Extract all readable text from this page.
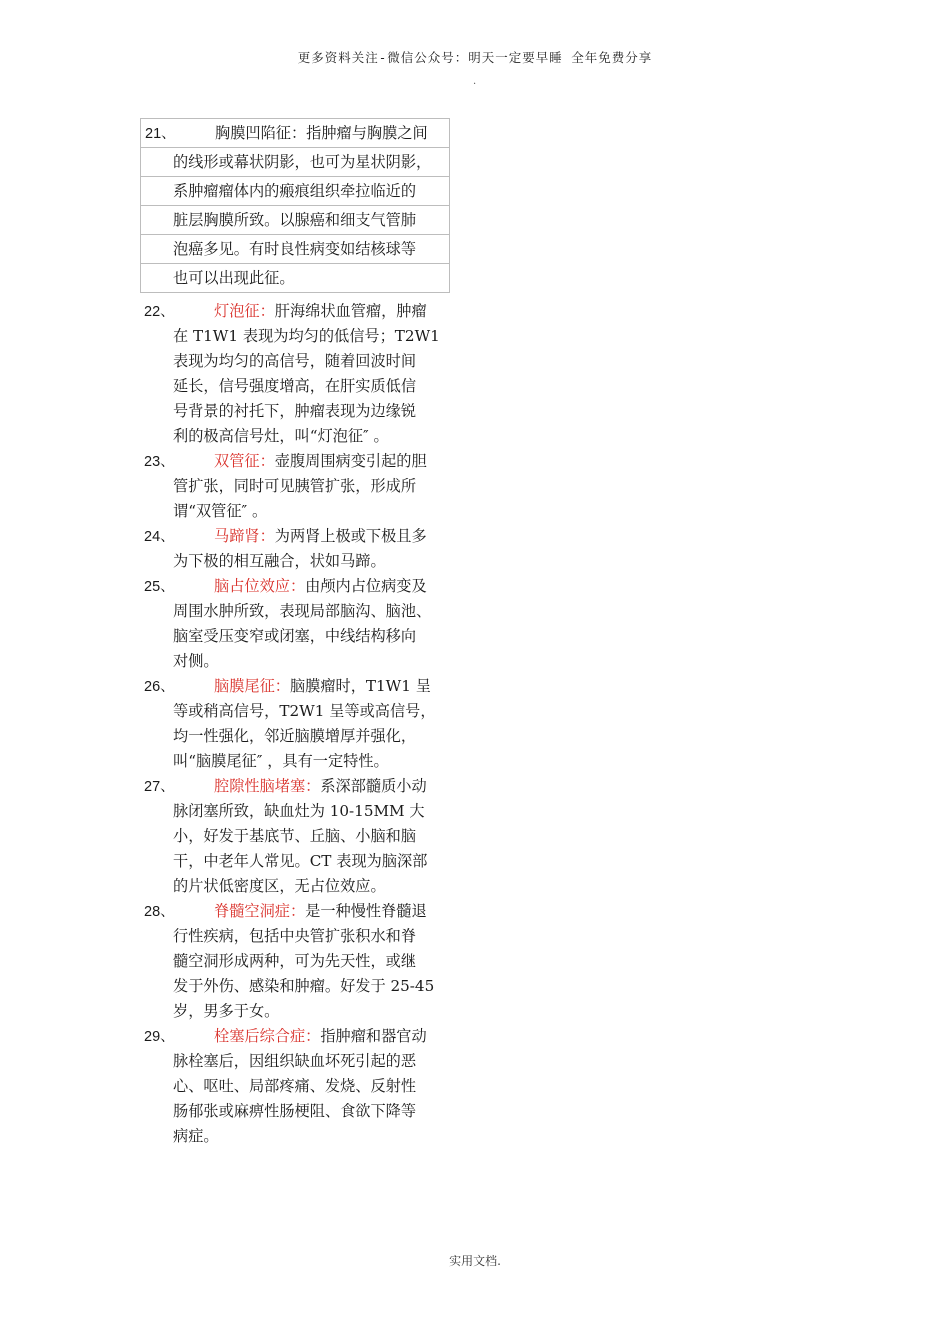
更多资料关注-微信公众号：明天一定要早睡 全年免费分享
.
21、	胸膜凹陷征：指肿瘤与胸膜之间
的线形或幕状阴影，也可为星状阴影，
系肿瘤瘤体内的瘢痕组织牵拉临近的
脏层胸膜所致。以腺癌和细支气管肺
泡癌多见。有时良性病变如结核球等
也可以出现此征。
22、	灯泡征：肝海绵状血管瘤，肿瘤
在 T1W1 表现为均匀的低信号；T2W1
表现为均匀的高信号，随着回波时间
延长，信号强度增高，在肝实质低信
号背景的衬托下，肿瘤表现为边缘锐
利的极高信号灶，叫“灯泡征″ 。
23、	双管征：壶腹周围病变引起的胆
管扩张，同时可见胰管扩张，形成所
谓“双管征″ 。
24、	马蹄肾：为两肾上极或下极且多
为下极的相互融合，状如马蹄。
25、	脑占位效应：由颅内占位病变及
周围水肿所致，表现局部脑沟、脑池、
脑室受压变窄或闭塞，中线结构移向
对侧。
26、	脑膜尾征：脑膜瘤时，T1W1 呈
等或稍高信号，T2W1 呈等或高信号，
均一性强化，邻近脑膜增厚并强化，
叫“脑膜尾征″ ，具有一定特性。
27、	腔隙性脑堵塞：系深部髓质小动
脉闭塞所致，缺血灶为 10-15MM 大
小，好发于基底节、丘脑、小脑和脑
干，中老年人常见。CT 表现为脑深部
的片状低密度区，无占位效应。
28、	脊髓空洞症：是一种慢性脊髓退
行性疾病，包括中央管扩张积水和脊
髓空洞形成两种，可为先天性，或继
发于外伤、感染和肿瘤。好发于 25-45
岁，男多于女。
29、	栓塞后综合症：指肿瘤和器官动
脉栓塞后，因组织缺血坏死引起的恶
心、呕吐、局部疼痛、发烧、反射性
肠郁张或麻痹性肠梗阻、食欲下降等
病症。
实用文档.
